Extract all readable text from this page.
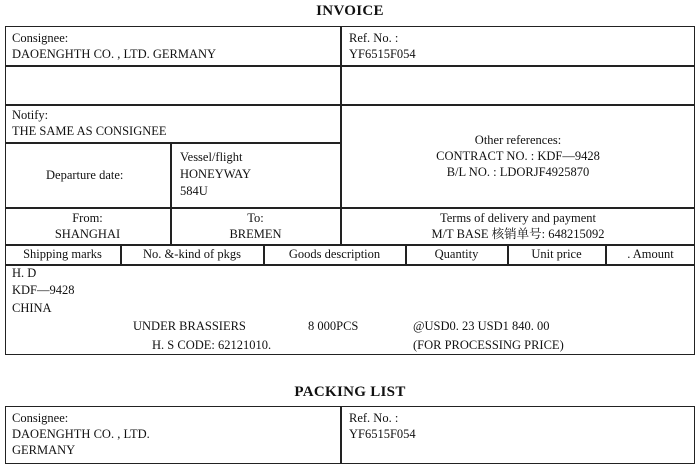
INVOICE
Consignee:
DAOENGHTH CO. , LTD. GERMANY
Ref. No. :
YF6515F054
Notify:
THE SAME AS CONSIGNEE
Departure date:
Vessel/flight
HONEYWAY
584U
Other references:
CONTRACT NO. : KDF—9428
B/L NO. : LDORJF4925870
From:
SHANGHAI
To:
BREMEN
Terms of delivery and payment
M/T BASE 核销单号: 648215092
Shipping marks	No. &-kind of pkgs	Goods description	Quantity	Unit price	. Amount
H. D
KDF—9428
CHINA
UNDER BRASSIERS	8 000PCS	@USD0. 23 USD1 840. 00
H. S CODE: 62121010.	(FOR PROCESSING PRICE)
PACKING LIST
Consignee:
DAOENGHTH CO. , LTD.
GERMANY
Ref. No. :
YF6515F054
